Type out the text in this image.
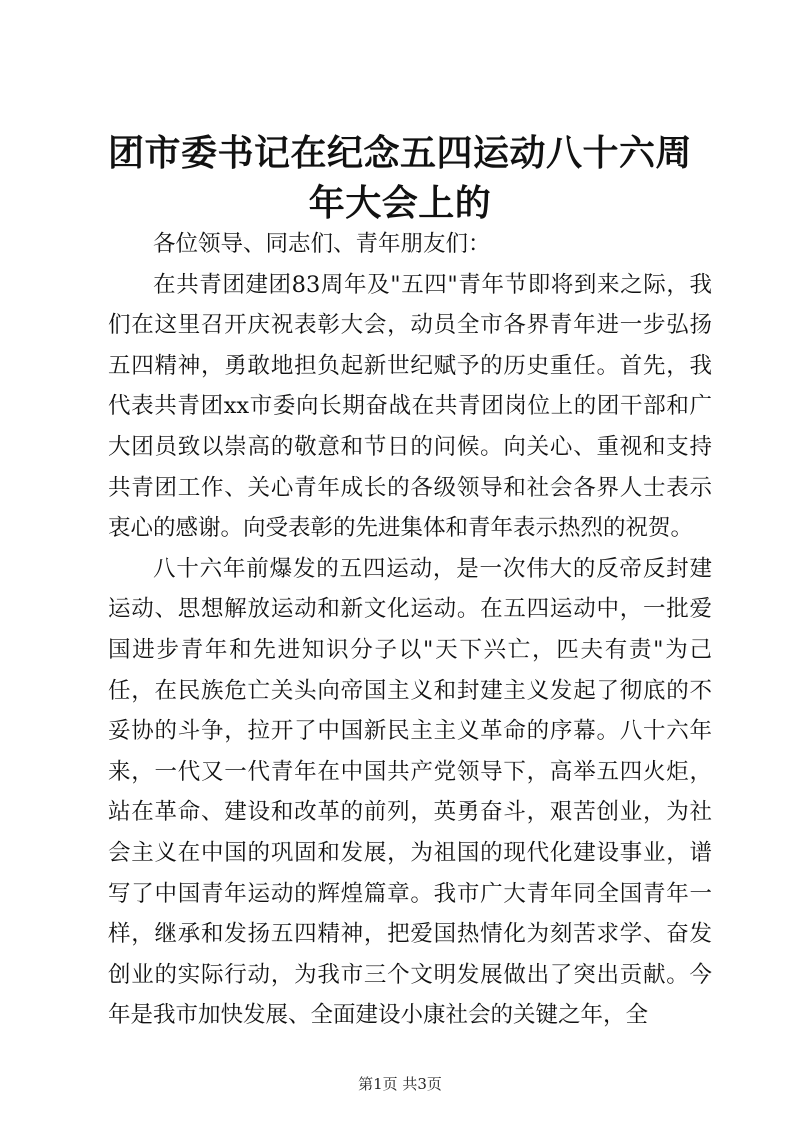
团市委书记在纪念五四运动八十六周年大会上的

各位领导、同志们、青年朋友们：

在共青团建团83周年及"五四"青年节即将到来之际，我们在这里召开庆祝表彰大会，动员全市各界青年进一步弘扬五四精神，勇敢地担负起新世纪赋予的历史重任。首先，我代表共青团xx市委向长期奋战在共青团岗位上的团干部和广大团员致以崇高的敬意和节日的问候。向关心、重视和支持共青团工作、关心青年成长的各级领导和社会各界人士表示衷心的感谢。向受表彰的先进集体和青年表示热烈的祝贺。

八十六年前爆发的五四运动，是一次伟大的反帝反封建运动、思想解放运动和新文化运动。在五四运动中，一批爱国进步青年和先进知识分子以"天下兴亡，匹夫有责"为己任，在民族危亡关头向帝国主义和封建主义发起了彻底的不妥协的斗争，拉开了中国新民主主义革命的序幕。八十六年来，一代又一代青年在中国共产党领导下，高举五四火炬，站在革命、建设和改革的前列，英勇奋斗，艰苦创业，为社会主义在中国的巩固和发展，为祖国的现代化建设事业，谱写了中国青年运动的辉煌篇章。我市广大青年同全国青年一样，继承和发扬五四精神，把爱国热情化为刻苦求学、奋发创业的实际行动，为我市三个文明发展做出了突出贡献。今年是我市加快发展、全面建设小康社会的关键之年，全

第1页 共3页
